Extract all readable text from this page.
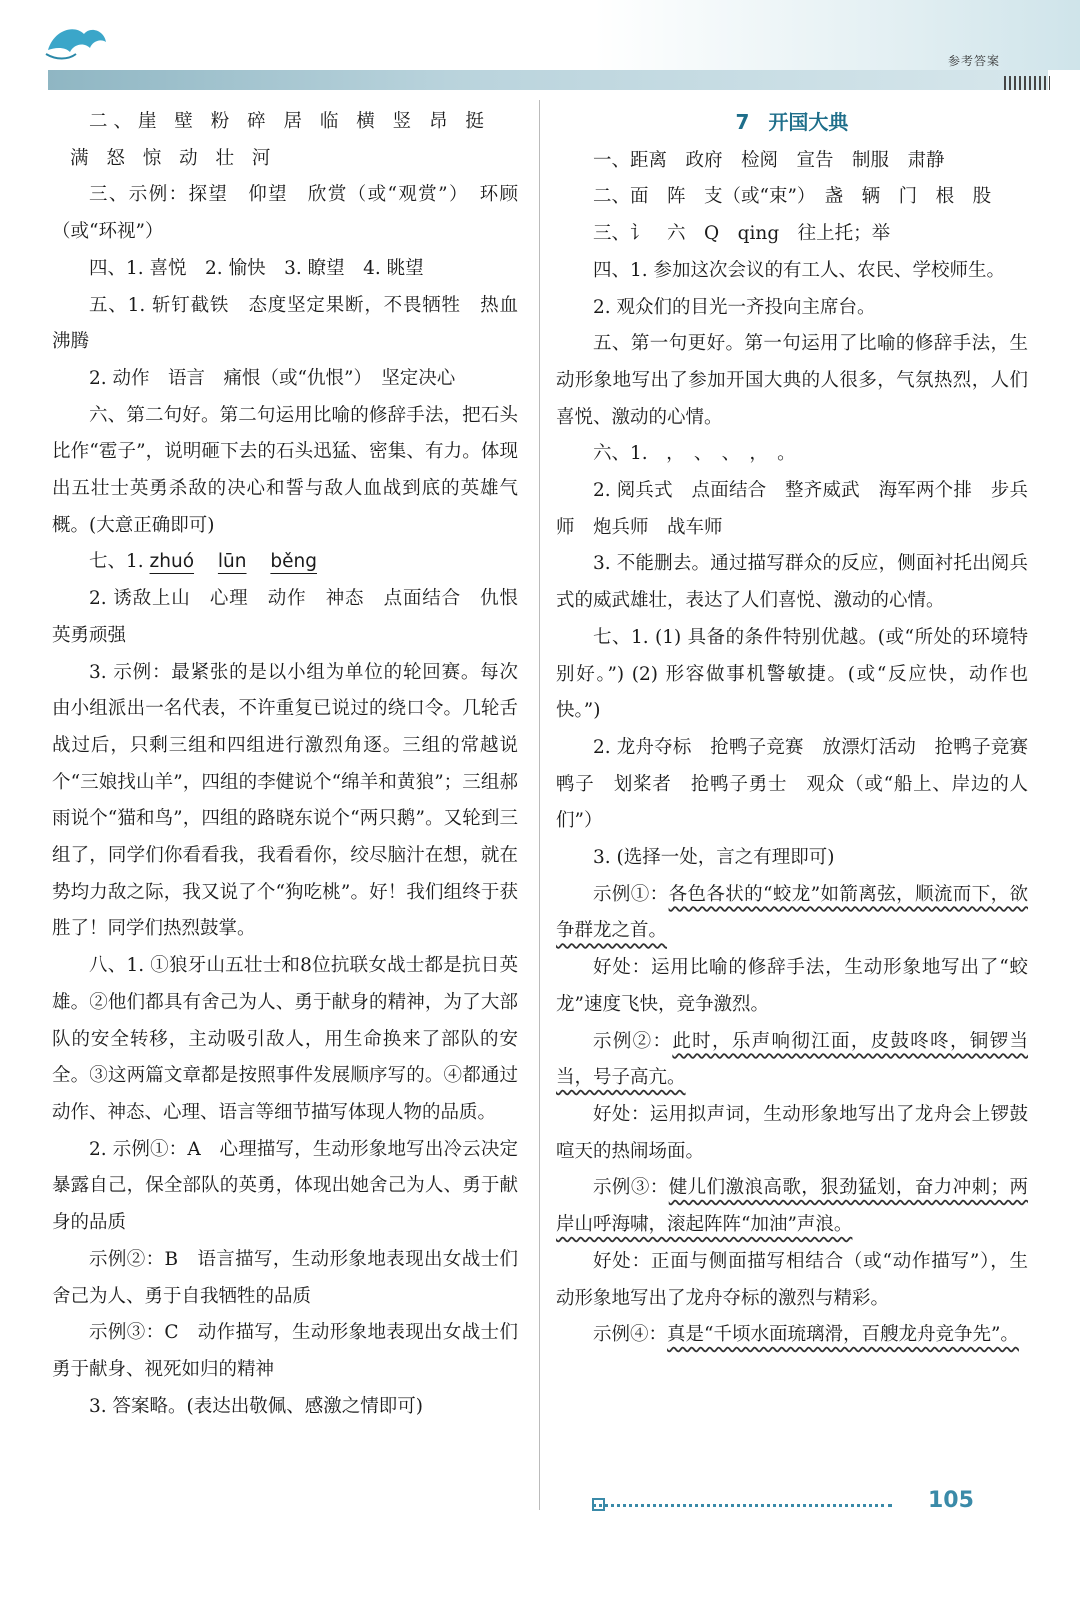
参考答案

二、崖 壁 粉 碎 居 临 横 竖 昂 挺

满 怒 惊 动 壮 河

三、示例：探望　仰望　欣赏（或“观赏”）　环顾（或“环视”）

四、1. 喜悦　2. 愉快　3. 瞭望　4. 眺望

五、1. 斩钉截铁　态度坚定果断，不畏牺牲　热血沸腾

2. 动作　语言　痛恨（或“仇恨”）　坚定决心

六、第二句好。第二句运用比喻的修辞手法，把石头比作“雹子”，说明砸下去的石头迅猛、密集、有力。体现出五壮士英勇杀敌的决心和誓与敌人血战到底的英雄气概。(大意正确即可)

七、1. zhuó lūn běng

2. 诱敌上山　心理　动作　神态　点面结合　仇恨　英勇顽强

3. 示例：最紧张的是以小组为单位的轮回赛。每次由小组派出一名代表，不许重复已说过的绕口令。几轮舌战过后，只剩三组和四组进行激烈角逐。三组的常越说个“三娘找山羊”，四组的李健说个“绵羊和黄狼”；三组郝雨说个“猫和鸟”，四组的路晓东说个“两只鹅”。又轮到三组了，同学们你看看我，我看看你，绞尽脑汁在想，就在势均力敌之际，我又说了个“狗吃桃”。好！我们组终于获胜了！同学们热烈鼓掌。

八、1. ①狼牙山五壮士和8位抗联女战士都是抗日英雄。②他们都具有舍己为人、勇于献身的精神，为了大部队的安全转移，主动吸引敌人，用生命换来了部队的安全。③这两篇文章都是按照事件发展顺序写的。④都通过动作、神态、心理、语言等细节描写体现人物的品质。

2. 示例①：A　心理描写，生动形象地写出冷云决定暴露自己，保全部队的英勇，体现出她舍己为人、勇于献身的品质

示例②：B　语言描写，生动形象地表现出女战士们舍己为人、勇于自我牺牲的品质

示例③：C　动作描写，生动形象地表现出女战士们勇于献身、视死如归的精神

3. 答案略。(表达出敬佩、感激之情即可)

7 开国大典

一、距离　政府　检阅　宣告　制服　肃静

二、面　阵　支（或“束”）　盏　辆　门　根　股

三、讠　六　Q　qing　往上托；举

四、1. 参加这次会议的有工人、农民、学校师生。

2. 观众们的目光一齐投向主席台。

五、第一句更好。第一句运用了比喻的修辞手法，生动形象地写出了参加开国大典的人很多，气氛热烈，人们喜悦、激动的心情。

六、1.　，　、　、　，　。

2. 阅兵式　点面结合　整齐威武　海军两个排　步兵师　炮兵师　战车师

3. 不能删去。通过描写群众的反应，侧面衬托出阅兵式的威武雄壮，表达了人们喜悦、激动的心情。

七、1. (1) 具备的条件特别优越。(或“所处的环境特别好。”) (2) 形容做事机警敏捷。(或“反应快，动作也快。”)

2. 龙舟夺标　抢鸭子竞赛　放漂灯活动　抢鸭子竞赛　鸭子　划桨者　抢鸭子勇士　观众（或“船上、岸边的人们”）

3. (选择一处，言之有理即可)

示例①：各色各状的“蛟龙”如箭离弦，顺流而下，欲争群龙之首。

好处：运用比喻的修辞手法，生动形象地写出了“蛟龙”速度飞快，竞争激烈。

示例②：此时，乐声响彻江面，皮鼓咚咚，铜锣当当，号子高亢。

好处：运用拟声词，生动形象地写出了龙舟会上锣鼓喧天的热闹场面。

示例③：健儿们激浪高歌，狠劲猛划，奋力冲刺；两岸山呼海啸，滚起阵阵“加油”声浪。

好处：正面与侧面描写相结合（或“动作描写”），生动形象地写出了龙舟夺标的激烈与精彩。

示例④：真是“千顷水面琉璃滑，百艘龙舟竞争先”。

105
